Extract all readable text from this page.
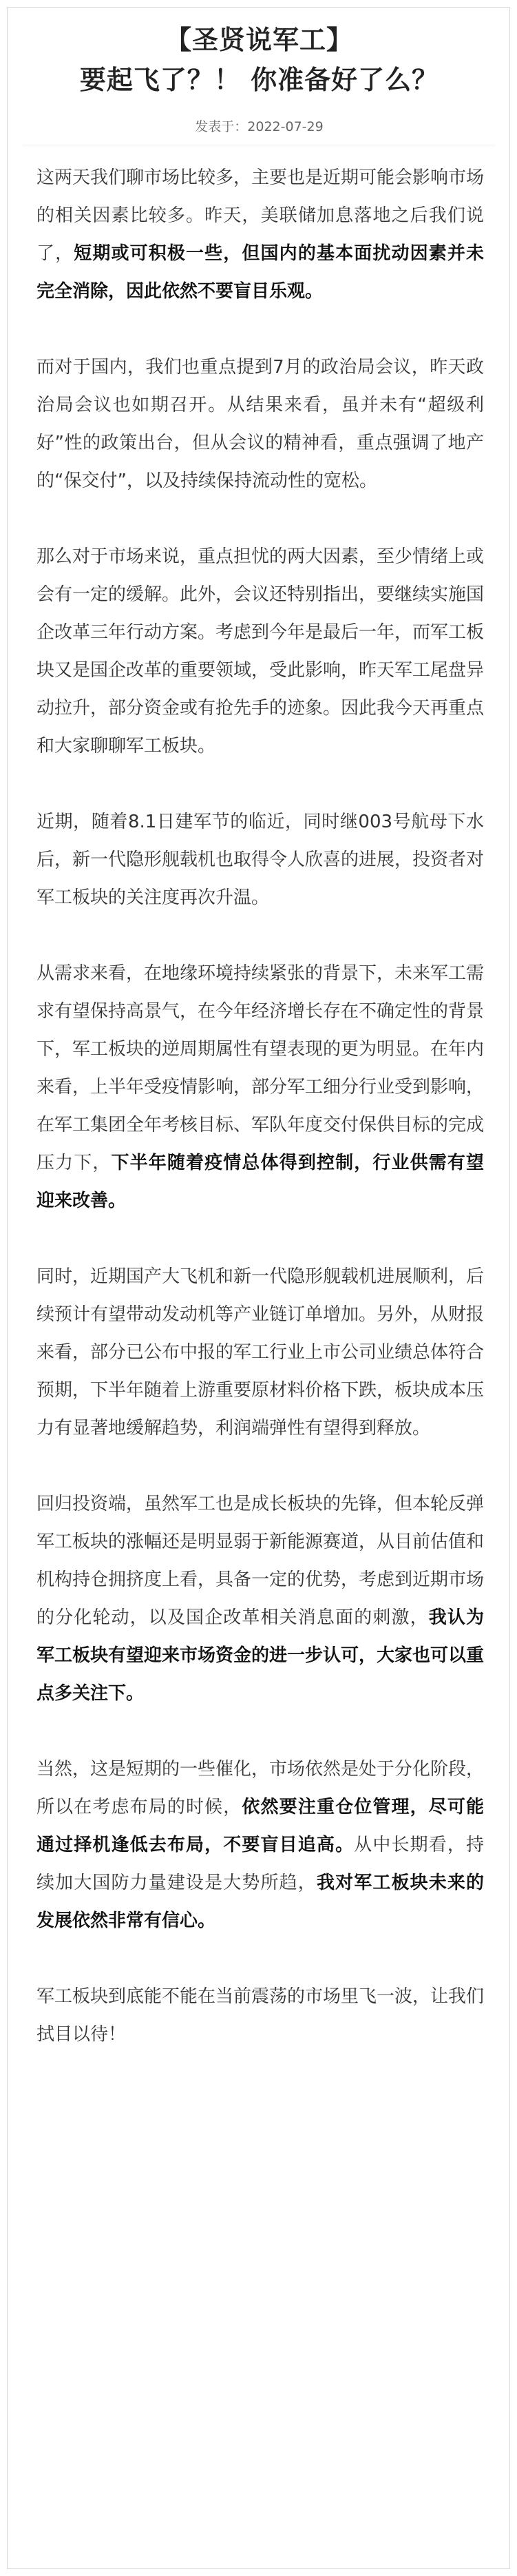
【圣贤说军工】
要起飞了？！ 你准备好了么？
发表于：2022-07-29

这两天我们聊市场比较多，主要也是近期可能会影响市场的相关因素比较多。昨天，美联储加息落地之后我们说了，短期或可积极一些，但国内的基本面扰动因素并未完全消除，因此依然不要盲目乐观。

而对于国内，我们也重点提到7月的政治局会议，昨天政治局会议也如期召开。从结果来看，虽并未有“超级利好”性的政策出台，但从会议的精神看，重点强调了地产的“保交付”，以及持续保持流动性的宽松。

那么对于市场来说，重点担忧的两大因素，至少情绪上或会有一定的缓解。此外，会议还特别指出，要继续实施国企改革三年行动方案。考虑到今年是最后一年，而军工板块又是国企改革的重要领域，受此影响，昨天军工尾盘异动拉升，部分资金或有抢先手的迹象。因此我今天再重点和大家聊聊军工板块。

近期，随着8.1日建军节的临近，同时继003号航母下水后，新一代隐形舰载机也取得令人欣喜的进展，投资者对军工板块的关注度再次升温。

从需求来看，在地缘环境持续紧张的背景下，未来军工需求有望保持高景气，在今年经济增长存在不确定性的背景下，军工板块的逆周期属性有望表现的更为明显。在年内来看，上半年受疫情影响，部分军工细分行业受到影响，在军工集团全年考核目标、军队年度交付保供目标的完成压力下，下半年随着疫情总体得到控制，行业供需有望迎来改善。

同时，近期国产大飞机和新一代隐形舰载机进展顺利，后续预计有望带动发动机等产业链订单增加。另外，从财报来看，部分已公布中报的军工行业上市公司业绩总体符合预期，下半年随着上游重要原材料价格下跌，板块成本压力有显著地缓解趋势，利润端弹性有望得到释放。

回归投资端，虽然军工也是成长板块的先锋，但本轮反弹军工板块的涨幅还是明显弱于新能源赛道，从目前估值和机构持仓拥挤度上看，具备一定的优势，考虑到近期市场的分化轮动，以及国企改革相关消息面的刺激，我认为军工板块有望迎来市场资金的进一步认可，大家也可以重点多关注下。

当然，这是短期的一些催化，市场依然是处于分化阶段，所以在考虑布局的时候，依然要注重仓位管理，尽可能通过择机逢低去布局，不要盲目追高。从中长期看，持续加大国防力量建设是大势所趋，我对军工板块未来的发展依然非常有信心。

军工板块到底能不能在当前震荡的市场里飞一波，让我们拭目以待！
